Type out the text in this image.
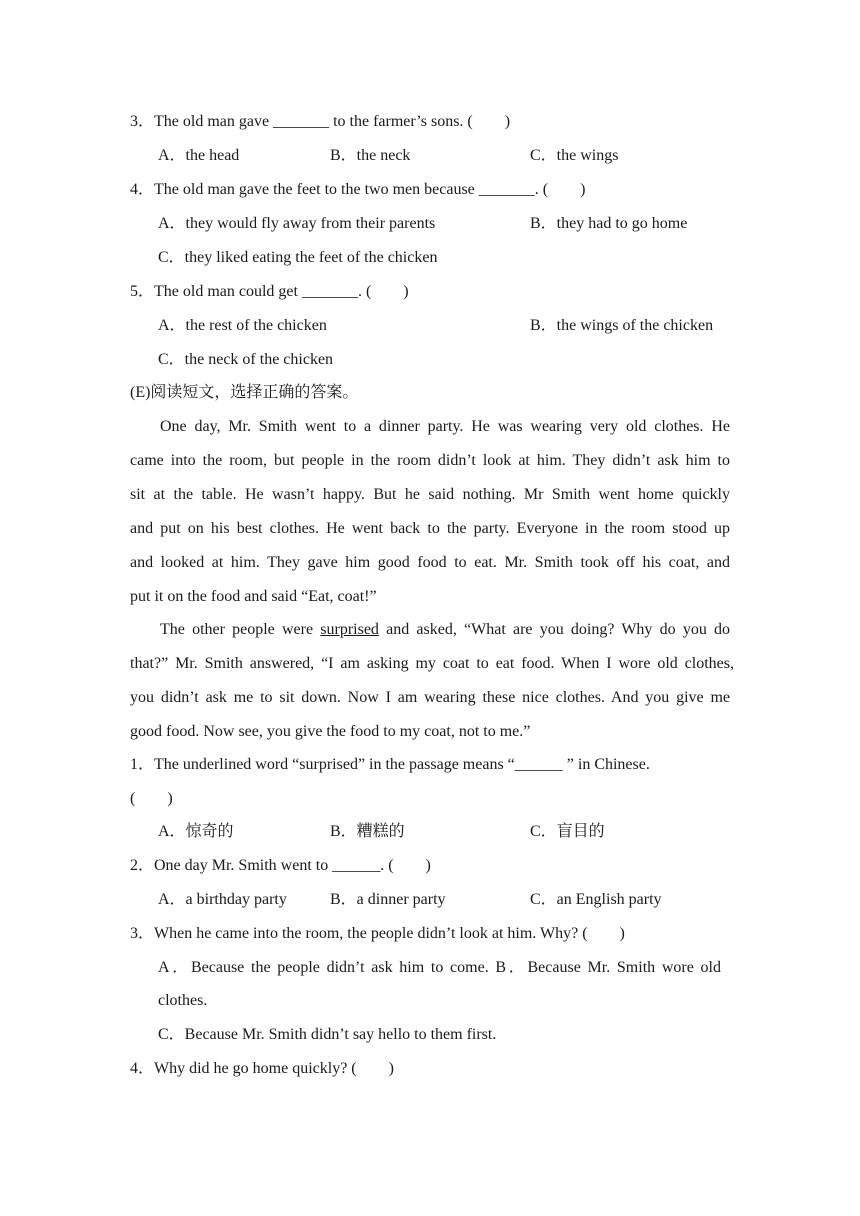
3．The old man gave _______ to the farmer’s sons. (　　)
A．the head	B．the neck	C．the wings
4．The old man gave the feet to the two men because _______. (　　)
A．they would fly away from their parents	B．they had to go home
C．they liked eating the feet of the chicken
5．The old man could get _______. (　　)
A．the rest of the chicken	B．the wings of the chicken
C．the neck of the chicken
(E)阅读短文，选择正确的答案。
One day, Mr. Smith went to a dinner party. He was wearing very old clothes. He
came into the room, but people in the room didn’t look at him. They didn’t ask him to
sit at the table. He wasn’t happy. But he said nothing. Mr Smith went home quickly
and put on his best clothes. He went back to the party. Everyone in the room stood up
and looked at him. They gave him good food to eat. Mr. Smith took off his coat, and
put it on the food and said “Eat, coat!”
The other people were surprised and asked, “What are you doing? Why do you do
that?” Mr. Smith answered, “I am asking my coat to eat food. When I wore old clothes,
you didn’t ask me to sit down. Now I am wearing these nice clothes. And you give me
good food. Now see, you give the food to my coat, not to me.”
1．The underlined word “surprised” in the passage means “______ ” in Chinese.
(　　)
A．惊奇的	B．糟糕的	C．盲目的
2．One day Mr. Smith went to ______. (　　)
A．a birthday party	B．a dinner party	C．an English party
3．When he came into the room, the people didn’t look at him. Why? (　　)
A．Because the people didn’t ask him to come. B．Because Mr. Smith wore old
clothes.
C．Because Mr. Smith didn’t say hello to them first.
4．Why did he go home quickly? (　　)
